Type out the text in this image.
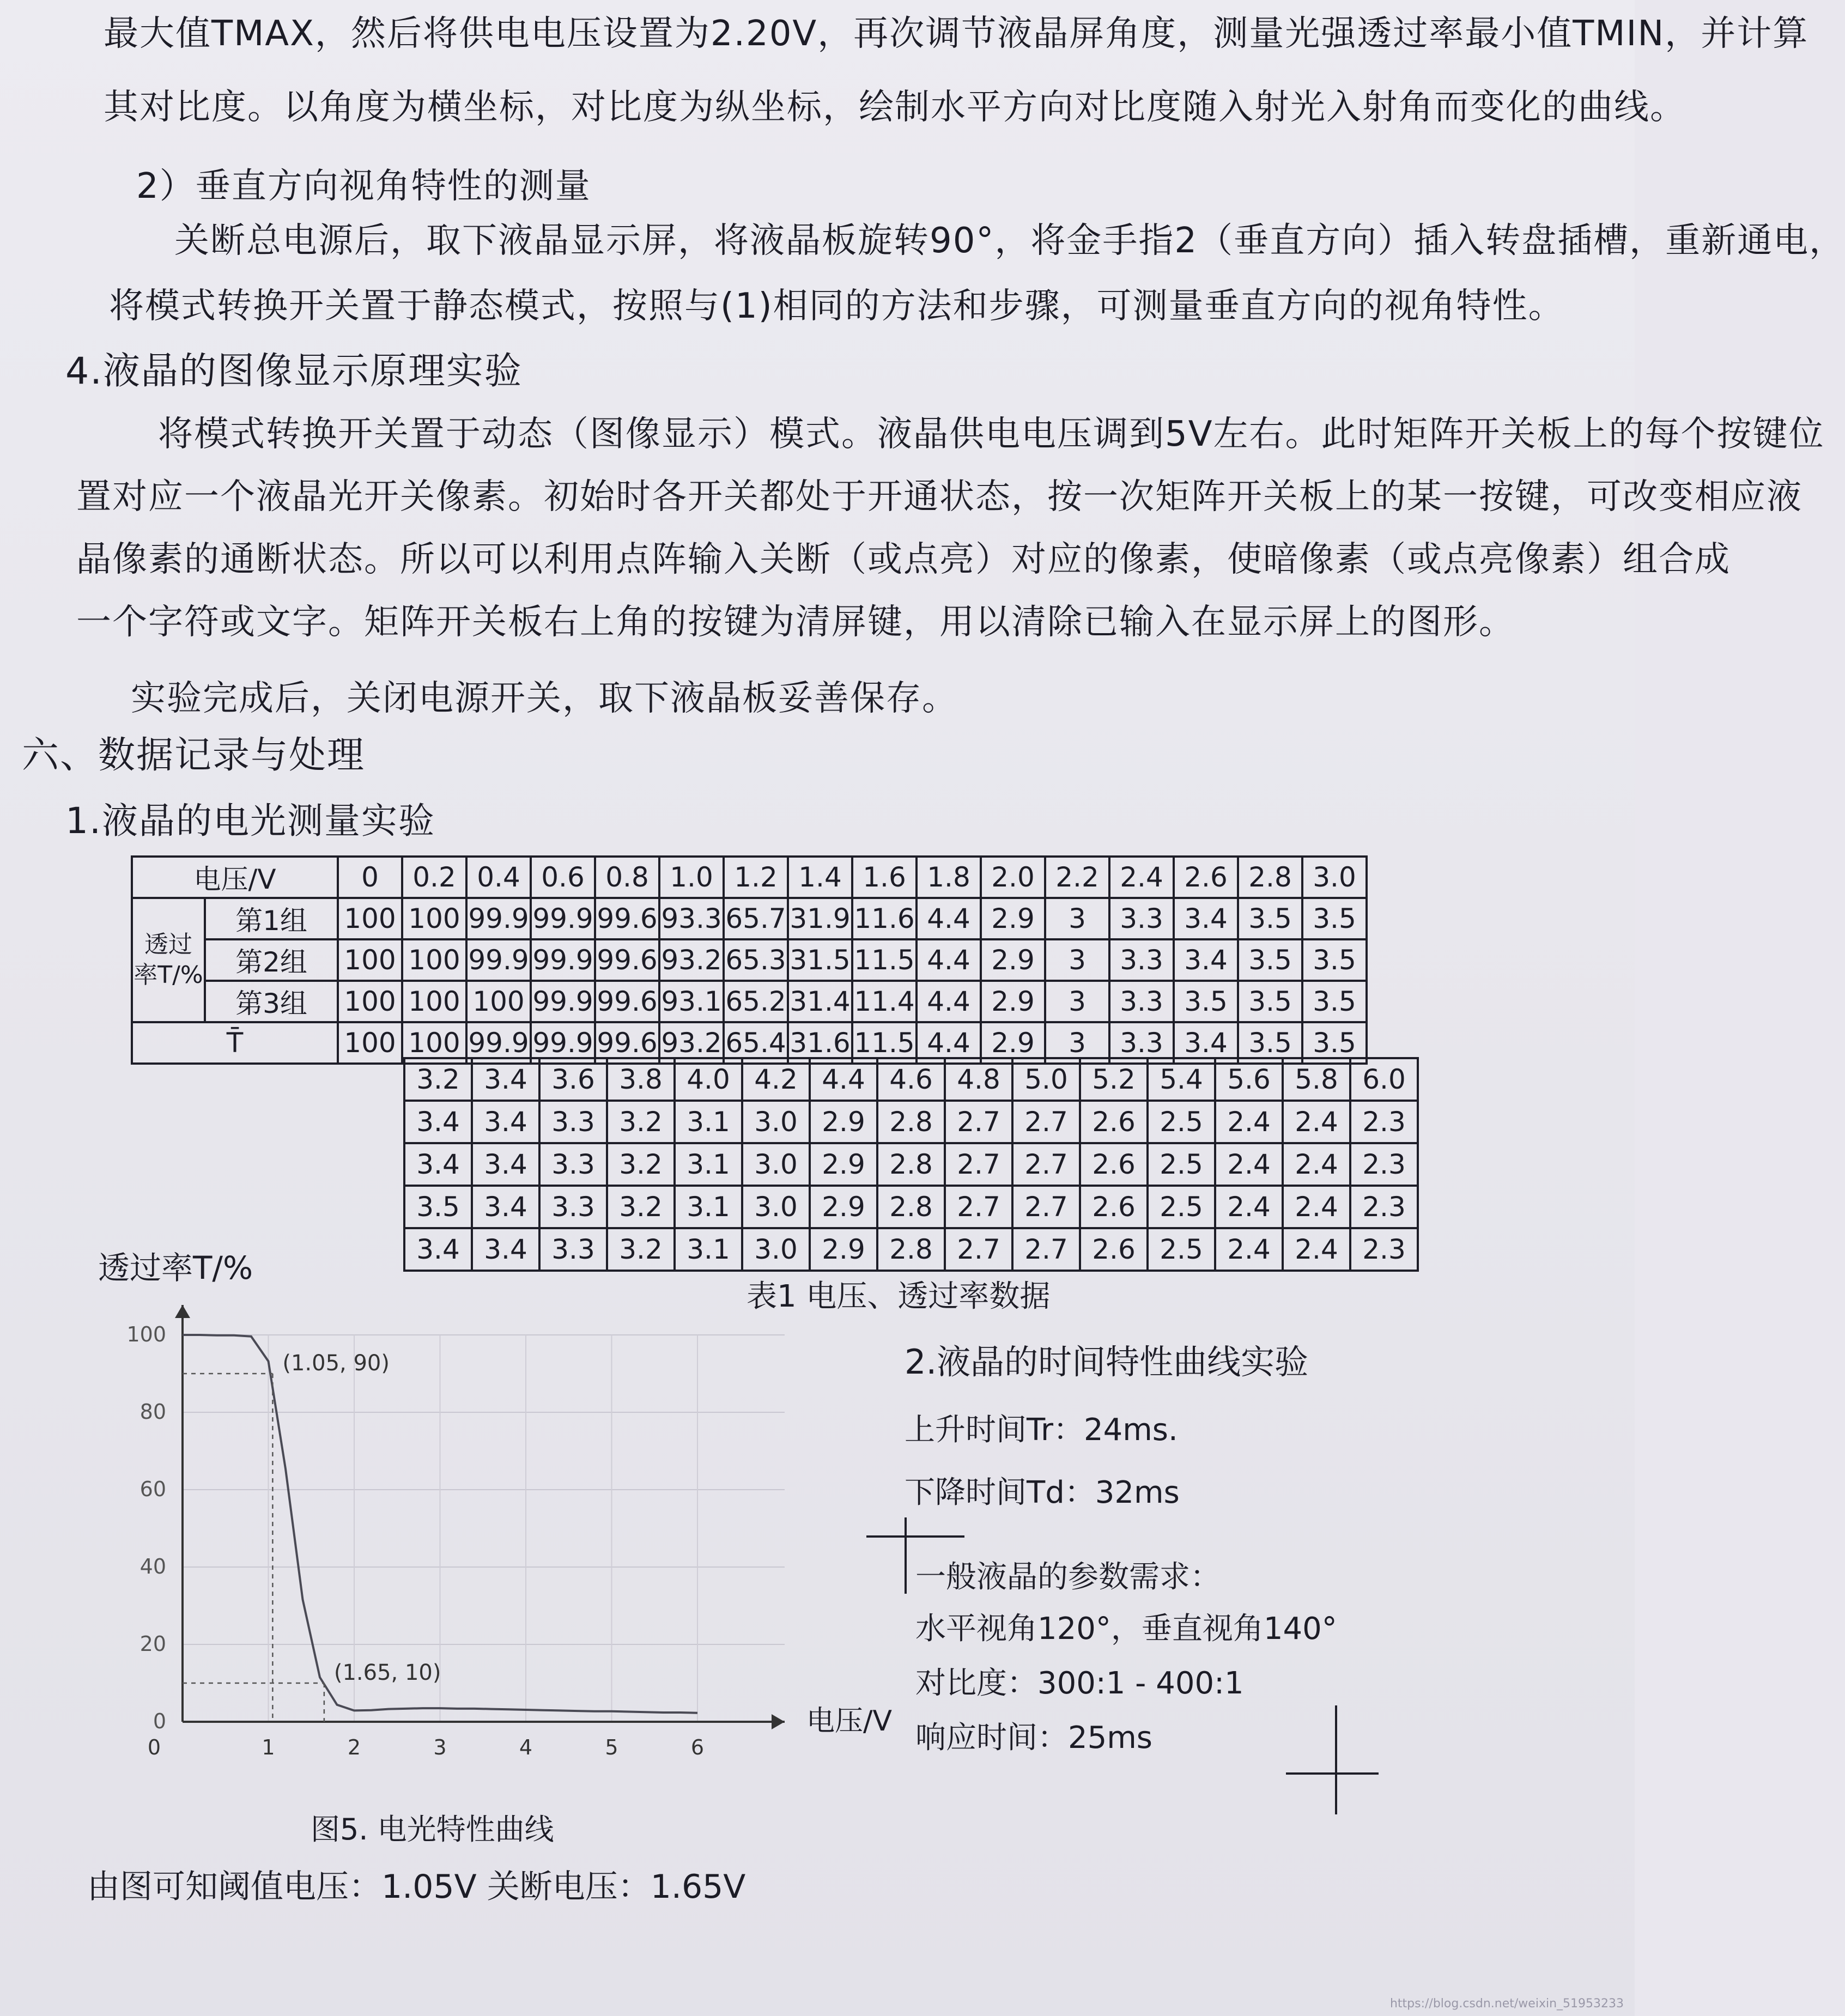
最大值TMAX，然后将供电电压设置为2.20V，再次调节液晶屏角度，测量光强透过率最小值TMIN，并计算
其对比度。以角度为横坐标，对比度为纵坐标，绘制水平方向对比度随入射光入射角而变化的曲线。
2）垂直方向视角特性的测量
关断总电源后，取下液晶显示屏，将液晶板旋转90°，将金手指2（垂直方向）插入转盘插槽，重新通电，
将模式转换开关置于静态模式，按照与(1)相同的方法和步骤，可测量垂直方向的视角特性。
4.液晶的图像显示原理实验
将模式转换开关置于动态（图像显示）模式。液晶供电电压调到5V左右。此时矩阵开关板上的每个按键位
置对应一个液晶光开关像素。初始时各开关都处于开通状态，按一次矩阵开关板上的某一按键，可改变相应液
晶像素的通断状态。所以可以利用点阵输入关断（或点亮）对应的像素，使暗像素（或点亮像素）组合成
一个字符或文字。矩阵开关板右上角的按键为清屏键，用以清除已输入在显示屏上的图形。
实验完成后，关闭电源开关，取下液晶板妥善保存。
六、数据记录与处理
1.液晶的电光测量实验
电压/V		0	0.2	0.4	0.6	0.8	1.0	1.2	1.4	1.6	1.8	2.0	2.2	2.4	2.6	2.8	3.0
透过率T/%	第1组	100	100	99.9	99.9	99.6	93.3	65.7	31.9	11.6	4.4	2.9	3	3.3	3.4	3.5	3.5
	第2组	100	100	99.9	99.9	99.6	93.2	65.3	31.5	11.5	4.4	2.9	3	3.3	3.4	3.5	3.5
	第3组	100	100	100	99.9	99.6	93.1	65.2	31.4	11.4	4.4	2.9	3	3.3	3.5	3.5	3.5
T̄		100	100	99.9	99.9	99.6	93.2	65.4	31.6	11.5	4.4	2.9	3	3.3	3.4	3.5	3.5
3.2	3.4	3.6	3.8	4.0	4.2	4.4	4.6	4.8	5.0	5.2	5.4	5.6	5.8	6.0
3.4	3.4	3.3	3.2	3.1	3.0	2.9	2.8	2.7	2.7	2.6	2.5	2.4	2.4	2.3
3.4	3.4	3.3	3.2	3.1	3.0	2.9	2.8	2.7	2.7	2.6	2.5	2.4	2.4	2.3
3.5	3.4	3.3	3.2	3.1	3.0	2.9	2.8	2.7	2.7	2.6	2.5	2.4	2.4	2.3
3.4	3.4	3.3	3.2	3.1	3.0	2.9	2.8	2.7	2.7	2.6	2.5	2.4	2.4	2.3
表1 电压、透过率数据
透过率T/%
0
20
40
60
80
100
1	2	3	4	5	6
0
电压/V
(1.05, 90)
(1.65, 10)
图5. 电光特性曲线
由图可知阈值电压：1.05V 关断电压：1.65V
2.液晶的时间特性曲线实验
上升时间Tr：24ms.
下降时间Td：32ms
一般液晶的参数需求：
水平视角120°，垂直视角140°
对比度：300:1 - 400:1
响应时间：25ms
https://blog.csdn.net/weixin_51953233
